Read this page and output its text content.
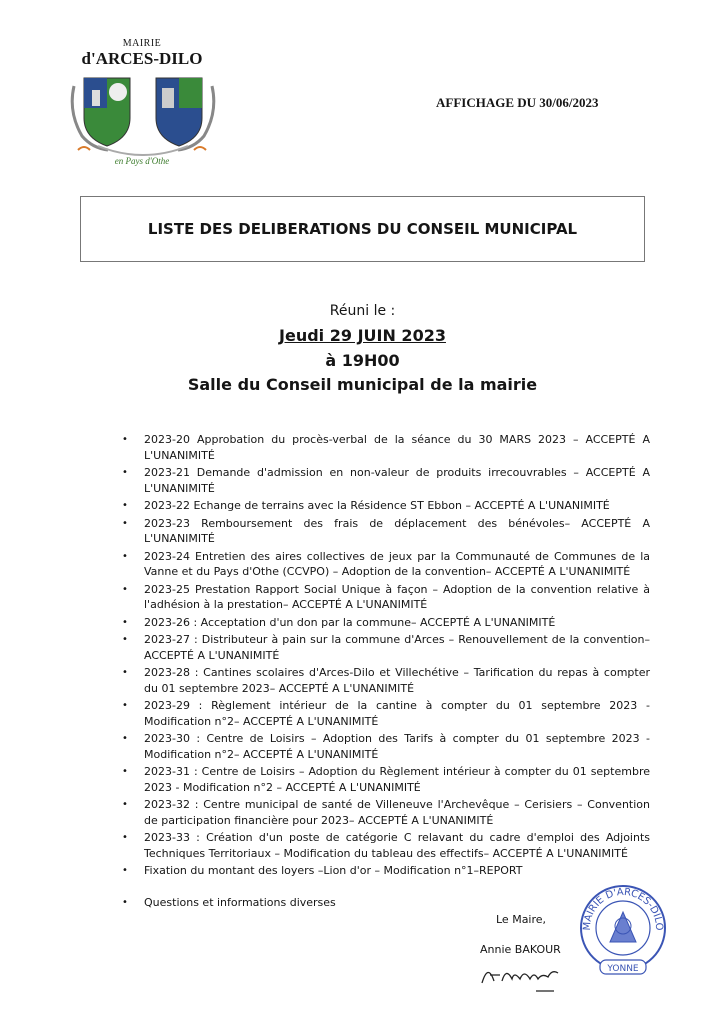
MAIRIE
d'ARCES-DILO
en Pays d'Othe
AFFICHAGE DU 30/06/2023
LISTE DES DELIBERATIONS DU CONSEIL MUNICIPAL
Réuni le :
Jeudi 29 JUIN 2023
à 19H00
Salle du Conseil municipal de la mairie
• 2023-20 Approbation du procès-verbal de la séance du 30 MARS 2023 – ACCEPTÉ A L'UNANIMITÉ
• 2023-21 Demande d'admission en non-valeur de produits irrecouvrables – ACCEPTÉ A L'UNANIMITÉ
• 2023-22 Echange de terrains avec la Résidence ST Ebbon – ACCEPTÉ A L'UNANIMITÉ
• 2023-23 Remboursement des frais de déplacement des bénévoles– ACCEPTÉ A L'UNANIMITÉ
• 2023-24 Entretien des aires collectives de jeux par la Communauté de Communes de la Vanne et du Pays d'Othe (CCVPO) – Adoption de la convention– ACCEPTÉ A L'UNANIMITÉ
• 2023-25 Prestation Rapport Social Unique à façon – Adoption de la convention relative à l'adhésion à la prestation– ACCEPTÉ A L'UNANIMITÉ
• 2023-26 : Acceptation d'un don par la commune– ACCEPTÉ A L'UNANIMITÉ
• 2023-27 : Distributeur à pain sur la commune d'Arces – Renouvellement de la convention– ACCEPTÉ A L'UNANIMITÉ
• 2023-28 : Cantines scolaires d'Arces-Dilo et Villechétive – Tarification du repas à compter du 01 septembre 2023– ACCEPTÉ A L'UNANIMITÉ
• 2023-29 : Règlement intérieur de la cantine à compter du 01 septembre 2023 - Modification n°2– ACCEPTÉ A L'UNANIMITÉ
• 2023-30 : Centre de Loisirs – Adoption des Tarifs à compter du 01 septembre 2023 - Modification n°2– ACCEPTÉ A L'UNANIMITÉ
• 2023-31 : Centre de Loisirs – Adoption du Règlement intérieur à compter du 01 septembre 2023 - Modification n°2 – ACCEPTÉ A L'UNANIMITÉ
• 2023-32 : Centre municipal de santé de Villeneuve l'Archevêque – Cerisiers – Convention de participation financière pour 2023– ACCEPTÉ A L'UNANIMITÉ
• 2023-33 : Création d'un poste de catégorie C relavant du cadre d'emploi des Adjoints Techniques Territoriaux – Modification du tableau des effectifs– ACCEPTÉ A L'UNANIMITÉ
• Fixation du montant des loyers –Lion d'or – Modification n°1–REPORT
• Questions et informations diverses
Le Maire,
Annie BAKOUR
MAIRIE D'ARCES-DILO
YONNE
